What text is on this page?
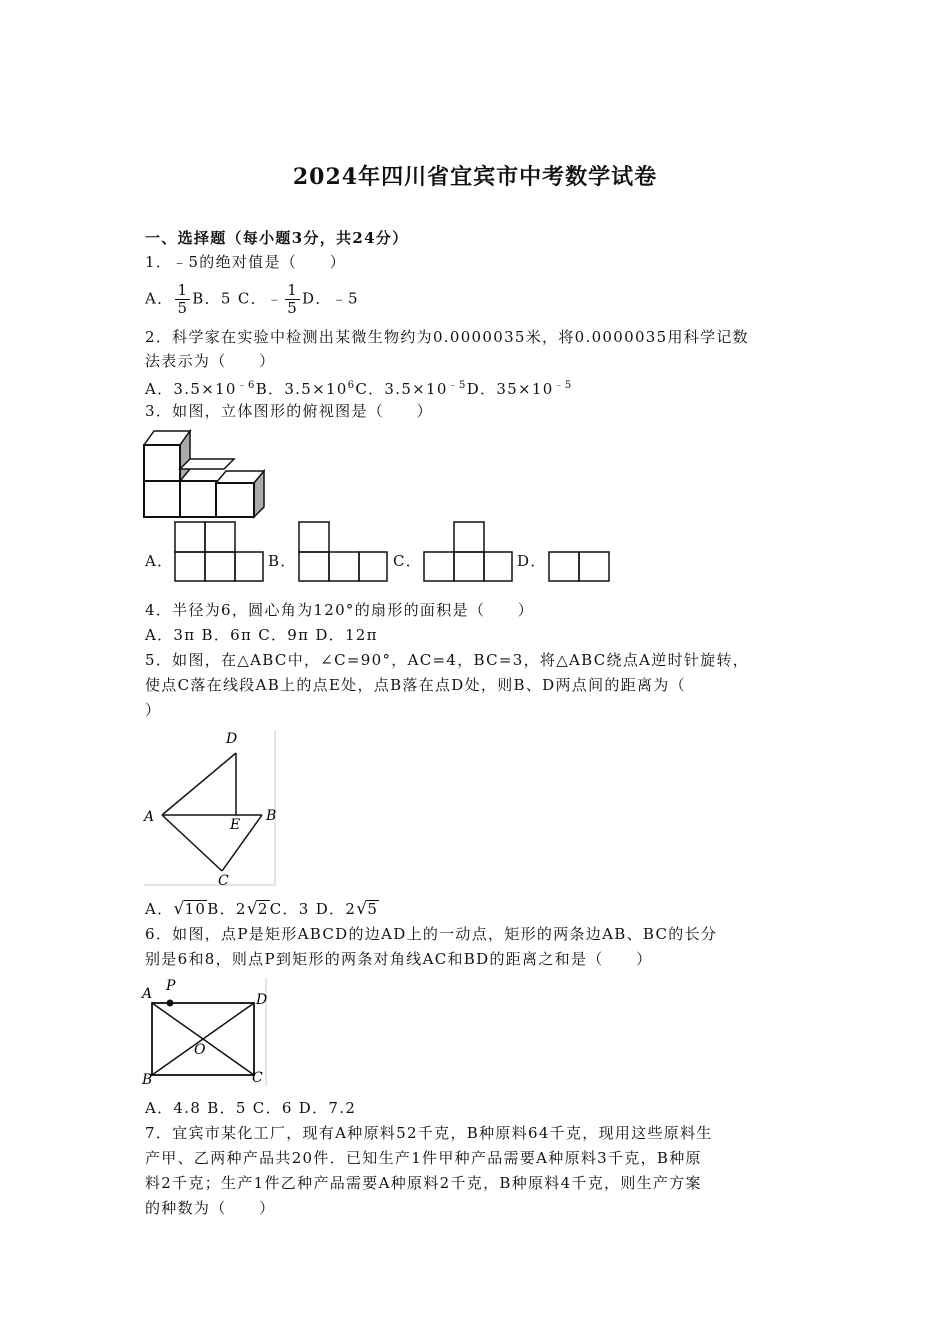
2024年四川省宜宾市中考数学试卷
一、选择题（每小题3分，共24分）
1．﹣5的绝对值是（　　）
A． $\frac{1}{5}$ B．5 C．﹣ $\frac{1}{5}$ D．﹣5
2．科学家在实验中检测出某微生物约为0.0000035米，将0.0000035用科学记数
法表示为（　　）
A．$3.5\times 10^{﹣6}B$．$3.5\times 10^6C$．$3.5\times 10^{﹣5}D$．$35\times 10^{﹣5}$
3．如图，立体图形的俯视图是（　　）
A．	B．	C．	D．
4．半径为6，圆心角为120°的扇形的面积是（　　）
A．3π B．6π C．9π D．12π
5．如图，在△ABC中，∠C=90°，AC=4，BC=3，将△ABC绕点A逆时针旋转，
使点C落在线段AB上的点E处，点B落在点D处，则B、D两点间的距离为（
）
D
A	B
E
C
A．√10B．2√2C．3 D．2√5
6．如图，点P是矩形ABCD的边AD上的一动点，矩形的两条边AB、BC的长分
别是6和8，则点P到矩形的两条对角线AC和BD的距离之和是（　　）
A P
D
O
B	C
A．4.8 B．5 C．6 D．7.2
7．宜宾市某化工厂，现有A种原料52千克，B种原料64千克，现用这些原料生
产甲、乙两种产品共20件．已知生产1件甲种产品需要A种原料3千克，B种原
料2千克；生产1件乙种产品需要A种原料2千克，B种原料4千克，则生产方案
的种数为（　　）
